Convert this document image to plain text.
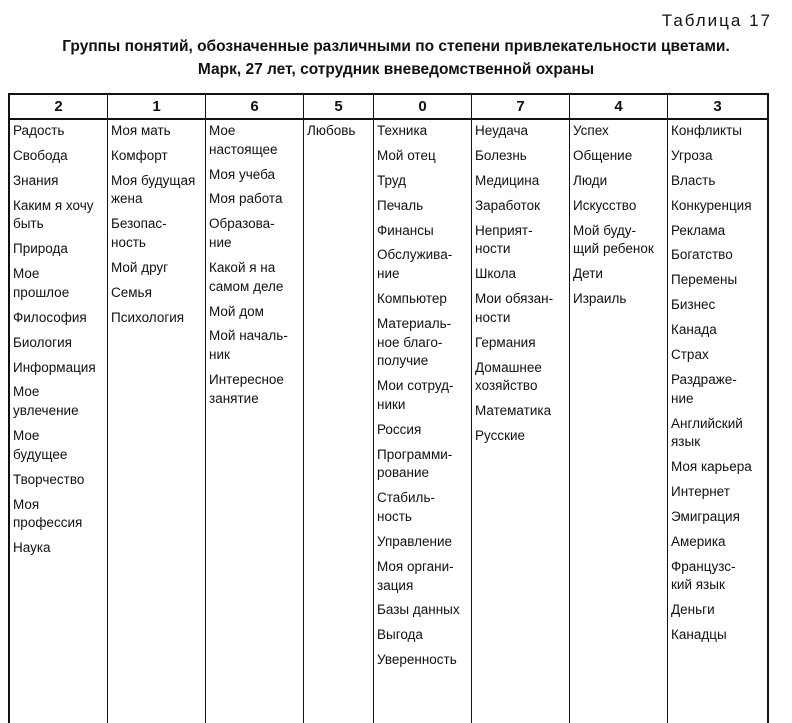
Таблица 17
Группы понятий, обозначенные различными по степени привлекательности цветами.
Марк, 27 лет, сотрудник вневедомственной охраны
2
Радость
Свобода
Знания
Каким я хочу
быть
Природа
Мое
прошлое
Философия
Биология
Информация
Мое
увлечение
Мое
будущее
Творчество
Моя
профессия
Наука
1
Моя мать
Комфорт
Моя будущая
жена
Безопас-
ность
Мой друг
Семья
Психология
6
Мое
настоящее
Моя учеба
Моя работа
Образова-
ние
Какой я на
самом деле
Мой дом
Мой началь-
ник
Интересное
занятие
5
Любовь
0
Техника
Мой отец
Труд
Печаль
Финансы
Обслужива-
ние
Компьютер
Материаль-
ное благо-
получие
Мои сотруд-
ники
Россия
Программи-
рование
Стабиль-
ность
Управление
Моя органи-
зация
Базы данных
Выгода
Уверенность
7
Неудача
Болезнь
Медицина
Заработок
Неприят-
ности
Школа
Мои обязан-
ности
Германия
Домашнее
хозяйство
Математика
Русские
4
Успех
Общение
Люди
Искусство
Мой буду-
щий ребенок
Дети
Израиль
3
Конфликты
Угроза
Власть
Конкуренция
Реклама
Богатство
Перемены
Бизнес
Канада
Страх
Раздраже-
ние
Английский
язык
Моя карьера
Интернет
Эмиграция
Америка
Французс-
кий язык
Деньги
Канадцы
